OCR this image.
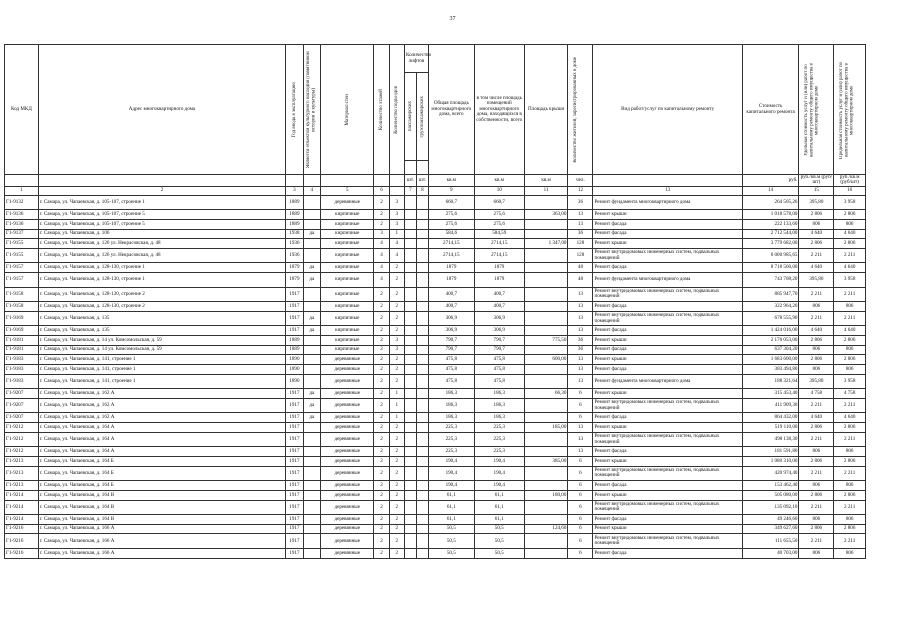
37
Код МКД	Адрес многоквартирного дома	Год ввода в эксплуатацию	Является объектом культурного наследия (памятником истории и культуры)	Материал стен	Количество этажей	Количество подъездов	Количество лифтов		Общая площадь многоквартирного дома, всего	в том числе площадь помещений многоквартирного дома, находящихся в собственности, всего	Площадь крыши	Количество жителей, зарегистрированных в доме	Вид работ/услуг по капитальному ремонту	Стоимость капитального ремонта	Удельная стоимость услуг и (или) работ по капитальному ремонту общего имущества в многоквартирном доме	Предельная стоимость услуг и (или) работ по капитальному ремонту общего имущества в многоквартирном доме

							пассажирских	грузопассажирских								

							шт.	шт.	кв.м	кв.м	кв.м	чел.		руб.	руб./кв.м (руб/шт)	руб./кв.м (руб/шт)
1	2	3	4	5	6		7	8	9	10	11	12	13	14	15	16
Г1-9132	г. Самара, ул. Чапаевская, д. 105-107, строение 1	1889		деревянные	2	3			660,7	660,7		36	Ремонт фундамента многоквартирного дома	264 505,26	395,80	3 958
Г1-9136	г. Самара, ул. Чапаевская, д. 105-107, строение 5	1889		кирпичные	2	3			275,6	275,6	363,00	13	Ремонт крыши	1 018 578,00	2 806	2 806
Г1-9136	г. Самара, ул. Чапаевская, д. 105-107, строение 5	1889		кирпичные	2	3			275,6	275,6		13	Ремонт фасада	222 133,60	806	806
Г1-9137	г. Самара, ул. Чапаевская, д. 106	1938	да	кирпичные	3	1			584,6	584,59		36	Ремонт фасада	2 712 544,00	4 640	4 640
Г1-9155	г. Самара, ул. Чапаевская, д. 126 ул. Некрасовская, д. 48	1936		кирпичные	4	4			2714,15	2714,15	1 347,00	128	Ремонт крыши	3 779 682,00	2 806	2 806
Г1-9155	г. Самара, ул. Чапаевская, д. 126 ул. Некрасовская, д. 48	1936		кирпичные	4	4			2714,15	2714,15		128	Ремонт внутридомовых инженерных систем, подвальных помещений	6 000 985,65	2 211	2 211
Г1-9157	г. Самара, ул. Чапаевская, д. 128-130, строение 1	1879	да	кирпичные	4	2			1879	1879		48	Ремонт фасада	8 718 560,00	4 640	4 640
Г1-9157	г. Самара, ул. Чапаевская, д. 128-130, строение 1	1879	да	кирпичные	4	2			1879	1879		48	Ремонт фундамента многоквартирного дома	743 708,20	395,80	3 958
Г1-9158	г. Самара, ул. Чапаевская, д. 128-130, строение 2	1917		кирпичные	2	2			400,7	400,7		13	Ремонт внутридомовых инженерных систем, подвальных помещений	885 947,70	2 211	2 211
Г1-9158	г. Самара, ул. Чапаевская, д. 128-130, строение 2	1917		кирпичные	2	2			400,7	400,7		13	Ремонт фасада	322 964,20	806	806
Г1-9169	г. Самара, ул. Чапаевская, д. 135	1917	да	кирпичные	2	2			306,9	306,9		13	Ремонт внутридомовых инженерных систем, подвальных помещений	678 555,90	2 211	2 211
Г1-9169	г. Самара, ул. Чапаевская, д. 135	1917	да	кирпичные	2	2			306,9	306,9		13	Ремонт фасада	1 424 016,00	4 640	4 640
Г1-9181	г. Самара, ул. Чапаевская, д. 14 ул. Комсомольская, д. 59	1889		кирпичные	2	3			790,7	790,7	775,50	36	Ремонт крыши	2 176 053,00	2 806	2 806
Г1-9181	г. Самара, ул. Чапаевская, д. 14 ул. Комсомольская, д. 59	1889		кирпичные	2	3			790,7	790,7		36	Ремонт фасада	637 304,20	806	806
Г1-9183	г. Самара, ул. Чапаевская, д. 141, строение 1	1890		деревянные	2	2			475,8	475,8	600,00	13	Ремонт крыши	1 683 600,00	2 806	2 806
Г1-9183	г. Самара, ул. Чапаевская, д. 141, строение 1	1890		деревянные	2	2			475,8	475,8		13	Ремонт фасада	383 494,80	806	806
Г1-9183	г. Самара, ул. Чапаевская, д. 141, строение 1	1890		деревянные	2	2			475,8	475,8		13	Ремонт фундамента многоквартирного дома	188 321,64	395,80	3 958
Г1-9207	г. Самара, ул. Чапаевская, д. 162 А	1917	да	деревянные	2	1			186,3	186,3	66,30	6	Ремонт крыши	315 453,40	4 758	4 758
Г1-9207	г. Самара, ул. Чапаевская, д. 162 А	1917	да	деревянные	2	1			186,3	186,3		6	Ремонт внутридомовых инженерных систем, подвальных помещений	411 909,30	2 211	2 211
Г1-9207	г. Самара, ул. Чапаевская, д. 162 А	1917	да	деревянные	2	1			186,3	186,3		6	Ремонт фасада	864 432,00	4 640	4 640
Г1-9212	г. Самара, ул. Чапаевская, д. 164 А	1917		деревянные	2	2			225,3	225,3	185,00	13	Ремонт крыши	519 110,00	2 806	2 806
Г1-9212	г. Самара, ул. Чапаевская, д. 164 А	1917		деревянные	2	2			225,3	225,3		13	Ремонт внутридомовых инженерных систем, подвальных помещений	498 138,30	2 211	2 211
Г1-9212	г. Самара, ул. Чапаевская, д. 164 А	1917		деревянные	2	2			225,3	225,3		13	Ремонт фасада	181 591,80	806	806
Г1-9213	г. Самара, ул. Чапаевская, д. 164 Б	1917		деревянные	2	2			190,4	190,4	385,00	6	Ремонт крыши	1 080 310,00	2 806	2 806
Г1-9213	г. Самара, ул. Чапаевская, д. 164 Б	1917		деревянные	2	2			190,4	190,4		6	Ремонт внутридомовых инженерных систем, подвальных помещений	420 974,40	2 211	2 211
Г1-9213	г. Самара, ул. Чапаевская, д. 164 Б	1917		деревянные	2	2			190,4	190,4		6	Ремонт фасада	153 462,40	806	806
Г1-9214	г. Самара, ул. Чапаевская, д. 164 В	1917		деревянные	2	2			61,1	61,1	180,00	6	Ремонт крыши	505 080,00	2 806	2 806
Г1-9214	г. Самара, ул. Чапаевская, д. 164 В	1917		деревянные	2	2			61,1	61,1		6	Ремонт внутридомовых инженерных систем, подвальных помещений	135 092,10	2 211	2 211
Г1-9214	г. Самара, ул. Чапаевская, д. 164 В	1917		деревянные	2	2			61,1	61,1		6	Ремонт фасада	49 246,60	806	806
Г1-9216	г. Самара, ул. Чапаевская, д. 166 А	1917		деревянные	2	2			50,5	50,5	124,60	6	Ремонт крыши	349 627,60	2 806	2 806
Г1-9216	г. Самара, ул. Чапаевская, д. 166 А	1917		деревянные	2	2			50,5	50,5		6	Ремонт внутридомовых инженерных систем, подвальных помещений	111 655,50	2 211	2 211
Г1-9216	г. Самара, ул. Чапаевская, д. 166 А	1917		деревянные	2	2			50,5	50,5		6	Ремонт фасада	40 703,00	806	806
